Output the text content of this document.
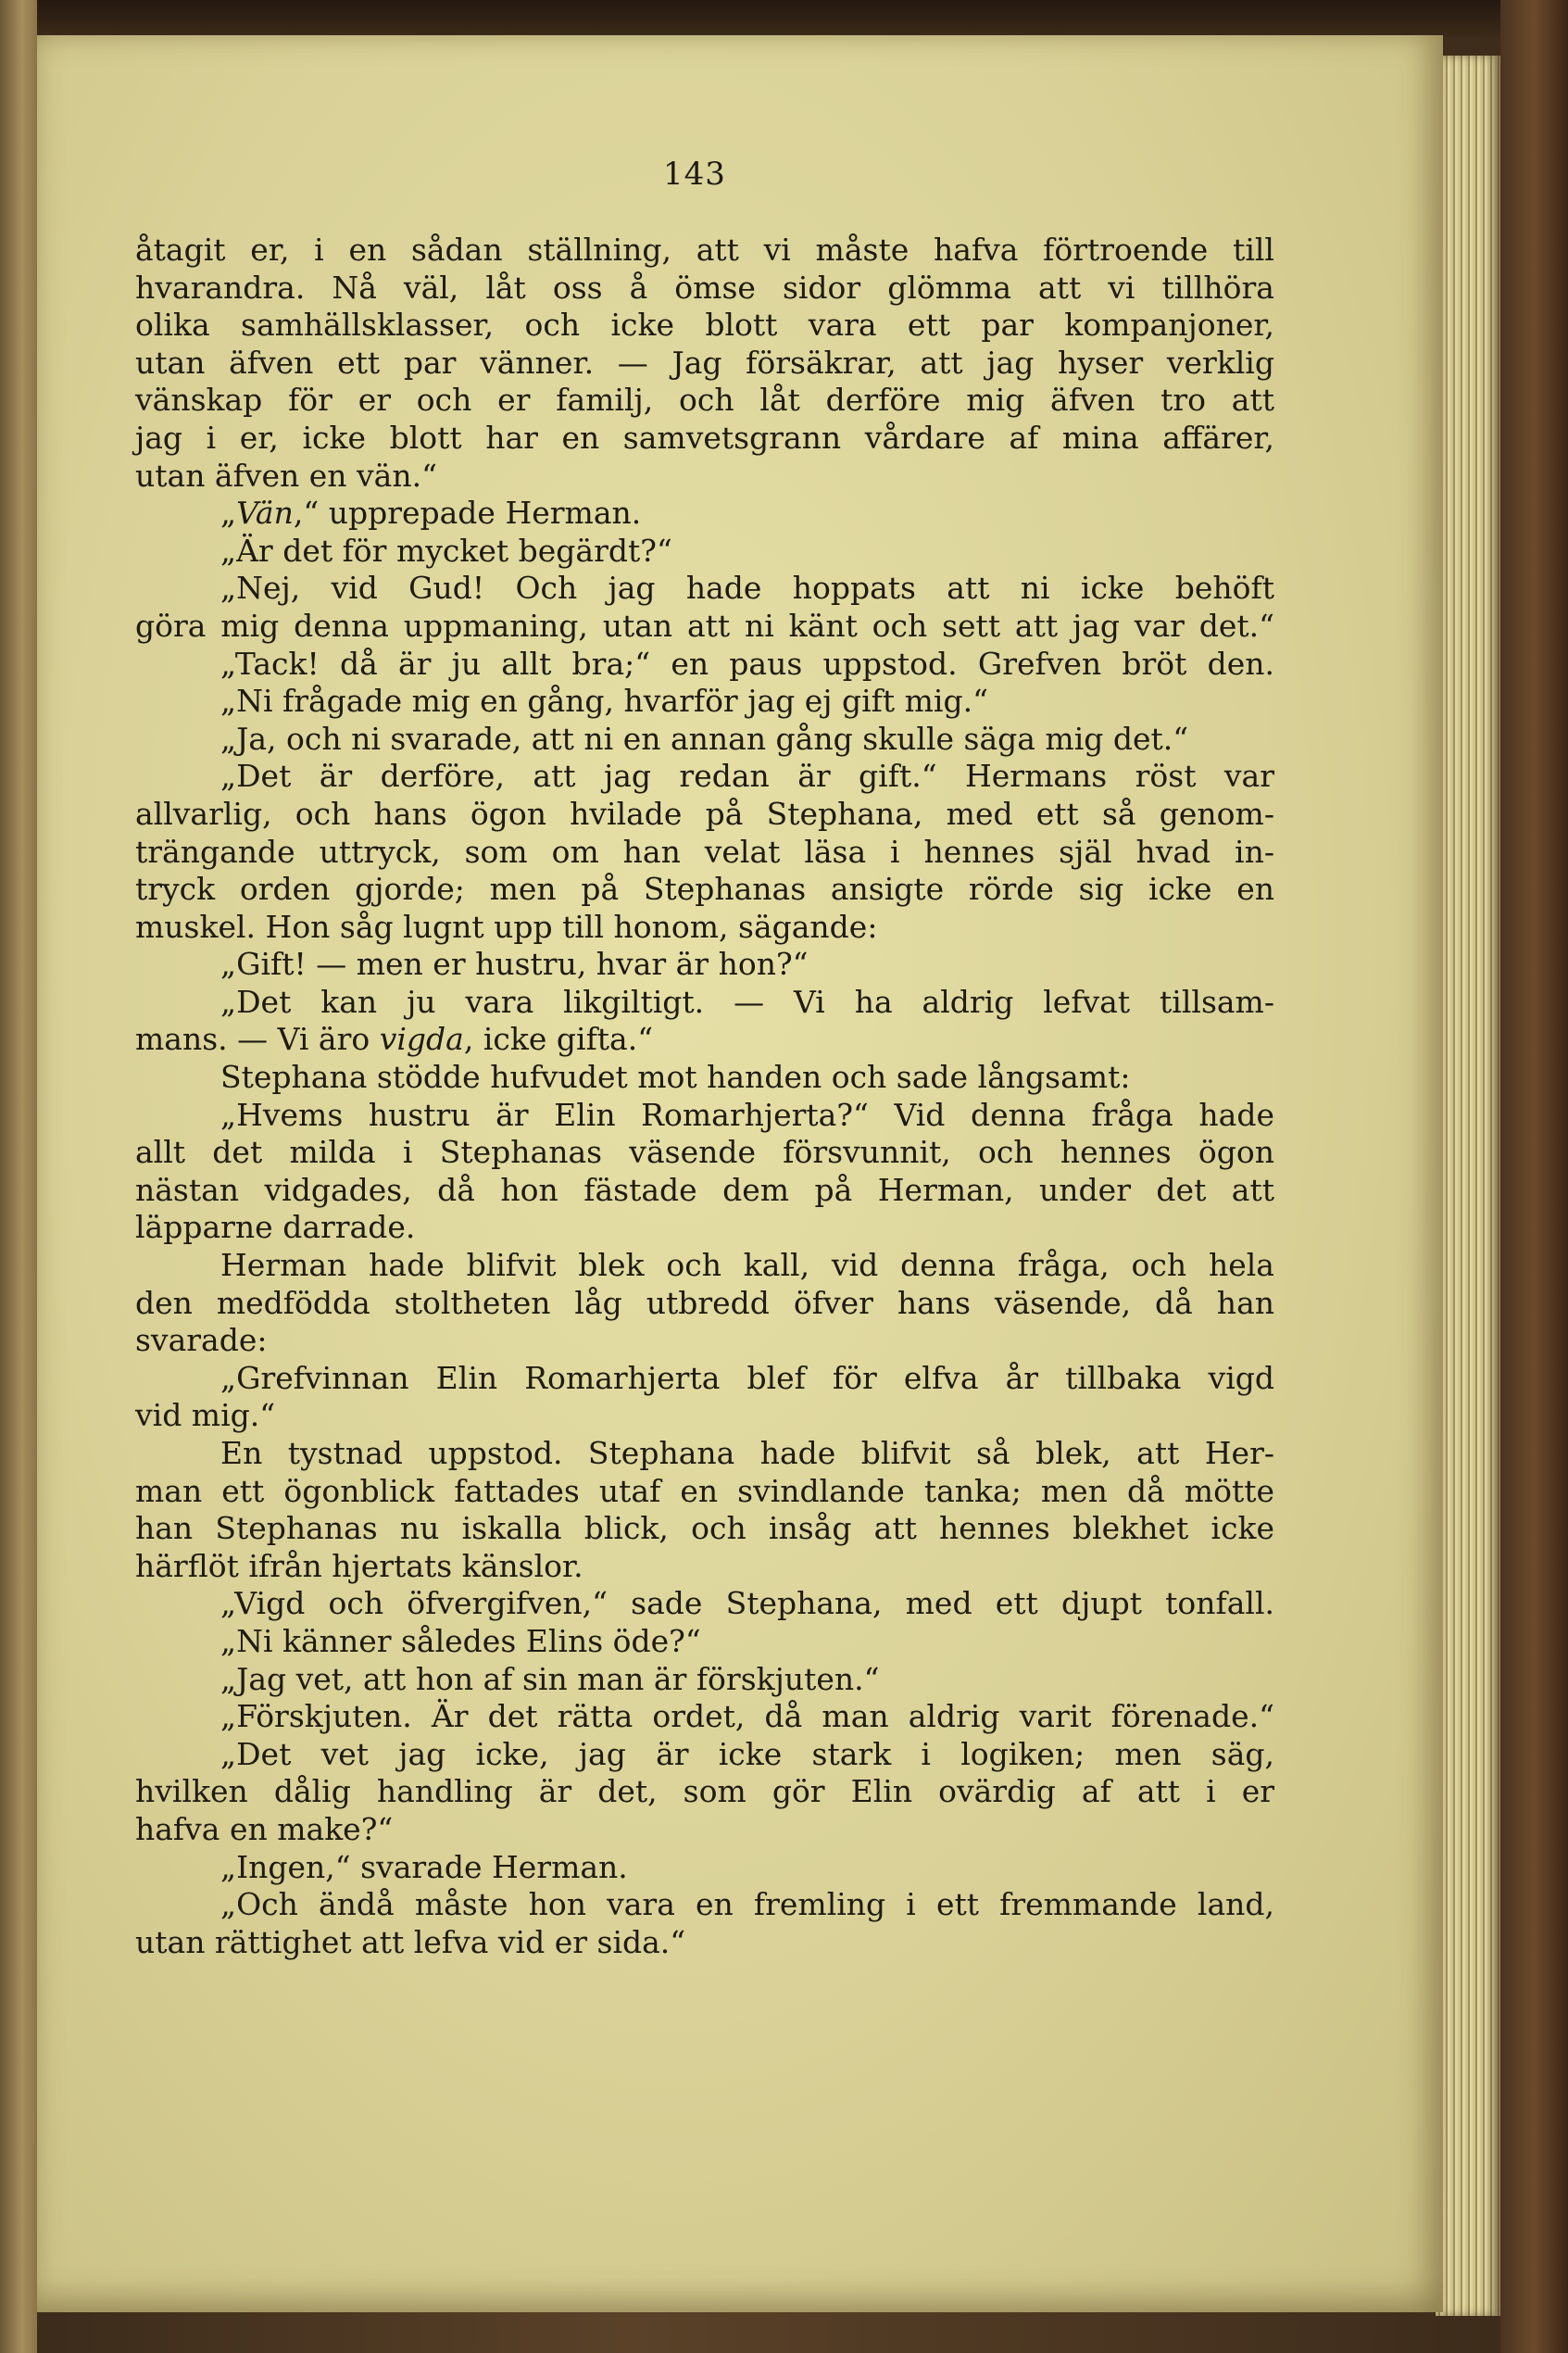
143
åtagit er, i en sådan ställning, att vi måste hafva förtroende till
hvarandra. Nå väl, låt oss å ömse sidor glömma att vi tillhöra
olika samhällsklasser, och icke blott vara ett par kompanjoner,
utan äfven ett par vänner. — Jag försäkrar, att jag hyser verklig
vänskap för er och er familj, och låt derföre mig äfven tro att
jag i er, icke blott har en samvetsgrann vårdare af mina affärer,
utan äfven en vän.“
„Vän,“ upprepade Herman.
„Är det för mycket begärdt?“
„Nej, vid Gud! Och jag hade hoppats att ni icke behöft
göra mig denna uppmaning, utan att ni känt och sett att jag var det.“
„Tack! då är ju allt bra;“ en paus uppstod. Grefven bröt den.
„Ni frågade mig en gång, hvarför jag ej gift mig.“
„Ja, och ni svarade, att ni en annan gång skulle säga mig det.“
„Det är derföre, att jag redan är gift.“ Hermans röst var
allvarlig, och hans ögon hvilade på Stephana, med ett så genom-
trängande uttryck, som om han velat läsa i hennes själ hvad in-
tryck orden gjorde; men på Stephanas ansigte rörde sig icke en
muskel. Hon såg lugnt upp till honom, sägande:
„Gift! — men er hustru, hvar är hon?“
„Det kan ju vara likgiltigt. — Vi ha aldrig lefvat tillsam-
mans. — Vi äro vigda, icke gifta.“
Stephana stödde hufvudet mot handen och sade långsamt:
„Hvems hustru är Elin Romarhjerta?“ Vid denna fråga hade
allt det milda i Stephanas väsende försvunnit, och hennes ögon
nästan vidgades, då hon fästade dem på Herman, under det att
läpparne darrade.
Herman hade blifvit blek och kall, vid denna fråga, och hela
den medfödda stoltheten låg utbredd öfver hans väsende, då han
svarade:
„Grefvinnan Elin Romarhjerta blef för elfva år tillbaka vigd
vid mig.“
En tystnad uppstod. Stephana hade blifvit så blek, att Her-
man ett ögonblick fattades utaf en svindlande tanka; men då mötte
han Stephanas nu iskalla blick, och insåg att hennes blekhet icke
härflöt ifrån hjertats känslor.
„Vigd och öfvergifven,“ sade Stephana, med ett djupt tonfall.
„Ni känner således Elins öde?“
„Jag vet, att hon af sin man är förskjuten.“
„Förskjuten. Är det rätta ordet, då man aldrig varit förenade.“
„Det vet jag icke, jag är icke stark i logiken; men säg,
hvilken dålig handling är det, som gör Elin ovärdig af att i er
hafva en make?“
„Ingen,“ svarade Herman.
„Och ändå måste hon vara en fremling i ett fremmande land,
utan rättighet att lefva vid er sida.“
